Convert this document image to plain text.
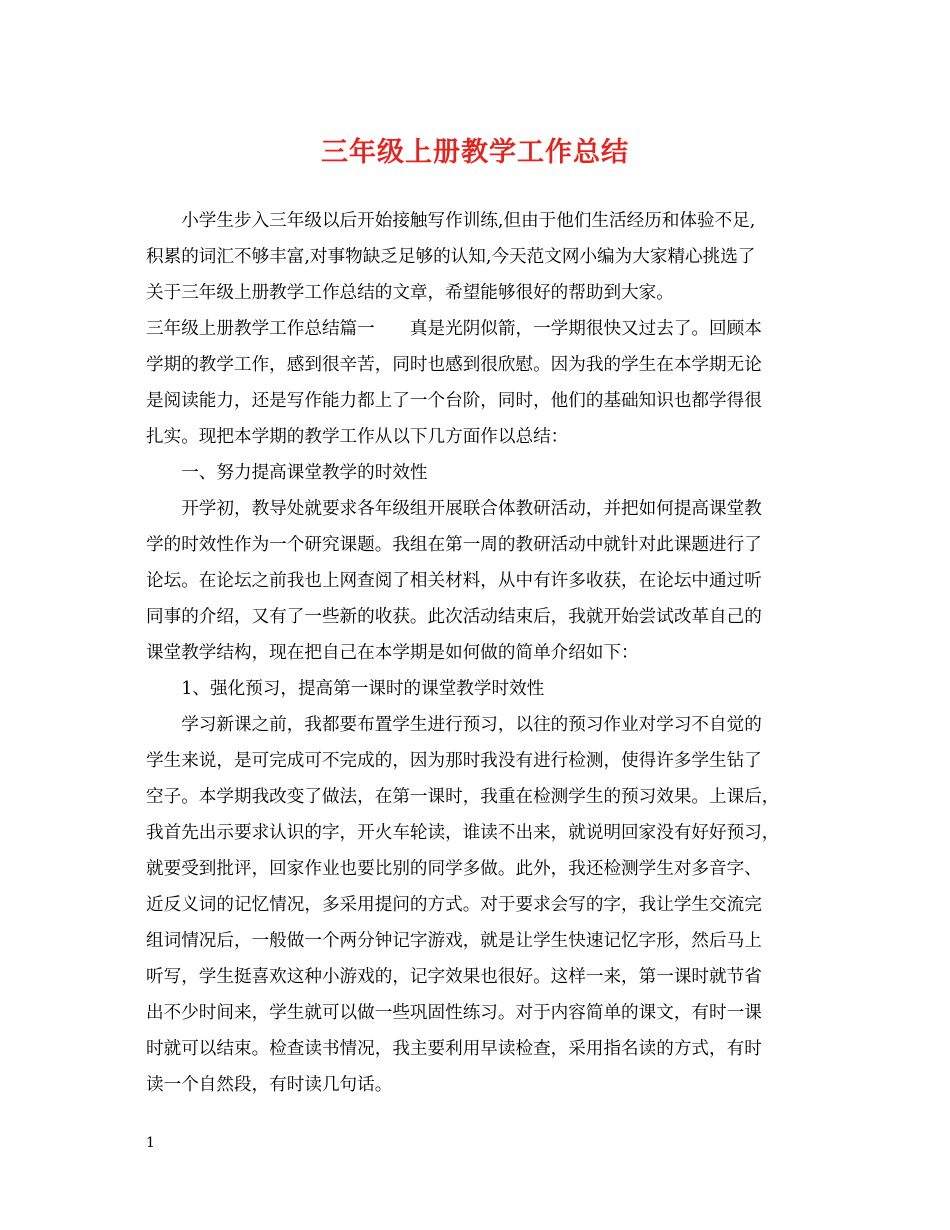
三年级上册教学工作总结
　　小学生步入三年级以后开始接触写作训练,但由于他们生活经历和体验不足,
积累的词汇不够丰富,对事物缺乏足够的认知,今天范文网小编为大家精心挑选了
关于三年级上册教学工作总结的文章，希望能够很好的帮助到大家。
三年级上册教学工作总结篇一　　真是光阴似箭，一学期很快又过去了。回顾本
学期的教学工作，感到很辛苦，同时也感到很欣慰。因为我的学生在本学期无论
是阅读能力，还是写作能力都上了一个台阶，同时，他们的基础知识也都学得很
扎实。现把本学期的教学工作从以下几方面作以总结：
　　一、努力提高课堂教学的时效性
　　开学初，教导处就要求各年级组开展联合体教研活动，并把如何提高课堂教
学的时效性作为一个研究课题。我组在第一周的教研活动中就针对此课题进行了
论坛。在论坛之前我也上网查阅了相关材料，从中有许多收获，在论坛中通过听
同事的介绍，又有了一些新的收获。此次活动结束后，我就开始尝试改革自己的
课堂教学结构，现在把自己在本学期是如何做的简单介绍如下：
　　1、强化预习，提高第一课时的课堂教学时效性
　　学习新课之前，我都要布置学生进行预习，以往的预习作业对学习不自觉的
学生来说，是可完成可不完成的，因为那时我没有进行检测，使得许多学生钻了
空子。本学期我改变了做法，在第一课时，我重在检测学生的预习效果。上课后，
我首先出示要求认识的字，开火车轮读，谁读不出来，就说明回家没有好好预习，
就要受到批评，回家作业也要比别的同学多做。此外，我还检测学生对多音字、
近反义词的记忆情况，多采用提问的方式。对于要求会写的字，我让学生交流完
组词情况后，一般做一个两分钟记字游戏，就是让学生快速记忆字形，然后马上
听写，学生挺喜欢这种小游戏的，记字效果也很好。这样一来，第一课时就节省
出不少时间来，学生就可以做一些巩固性练习。对于内容简单的课文，有时一课
时就可以结束。检查读书情况，我主要利用早读检查，采用指名读的方式，有时
读一个自然段，有时读几句话。
1
